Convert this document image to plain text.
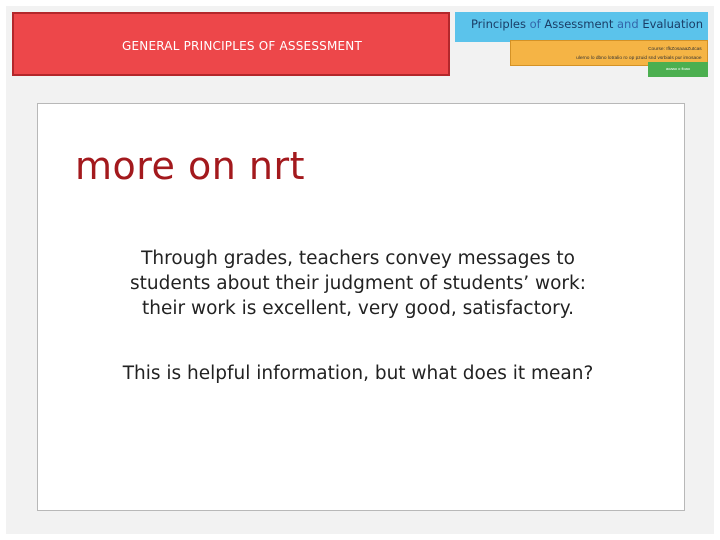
GENERAL PRINCIPLES OF ASSESSMENT
Principles of Assessment and Evaluation
Course: IfkZosaaaZutcas
ulerno lo dbno lotralio ro op pzuid snd vsrbials pur imosaoe
aoaao o fioao
more on nrt
Through grades, teachers convey messages to
students about their judgment of students’ work:
their work is excellent, very good, satisfactory.
This is helpful information, but what does it mean?
